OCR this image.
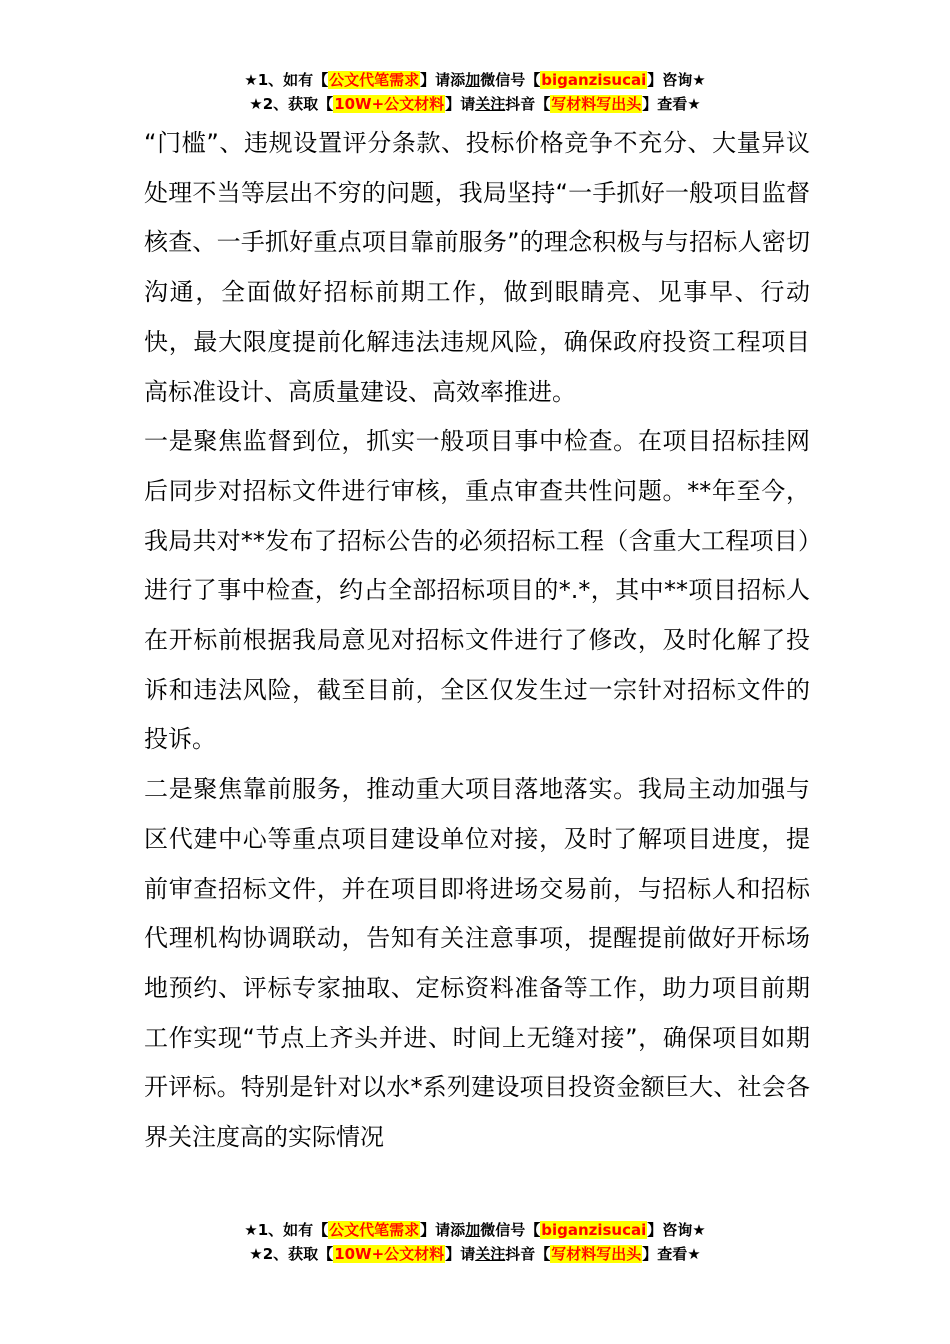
★1、如有【公文代笔需求】请添加微信号【biganzisucai】咨询★
★2、获取【10W+公文材料】请关注抖音【写材料写出头】查看★

“门槛”、违规设置评分条款、投标价格竞争不充分、大量异议处理不当等层出不穷的问题，我局坚持“一手抓好一般项目监督核查、一手抓好重点项目靠前服务”的理念积极与与招标人密切沟通，全面做好招标前期工作，做到眼睛亮、见事早、行动快，最大限度提前化解违法违规风险，确保政府投资工程项目高标准设计、高质量建设、高效率推进。

一是聚焦监督到位，抓实一般项目事中检查。在项目招标挂网后同步对招标文件进行审核，重点审查共性问题。**年至今，我局共对**发布了招标公告的必须招标工程（含重大工程项目）进行了事中检查，约占全部招标项目的*.*，其中**项目招标人在开标前根据我局意见对招标文件进行了修改，及时化解了投诉和违法风险，截至目前，全区仅发生过一宗针对招标文件的投诉。

二是聚焦靠前服务，推动重大项目落地落实。我局主动加强与区代建中心等重点项目建设单位对接，及时了解项目进度，提前审查招标文件，并在项目即将进场交易前，与招标人和招标代理机构协调联动，告知有关注意事项，提醒提前做好开标场地预约、评标专家抽取、定标资料准备等工作，助力项目前期工作实现“节点上齐头并进、时间上无缝对接”，确保项目如期开评标。特别是针对以水*系列建设项目投资金额巨大、社会各界关注度高的实际情况

★1、如有【公文代笔需求】请添加微信号【biganzisucai】咨询★
★2、获取【10W+公文材料】请关注抖音【写材料写出头】查看★
